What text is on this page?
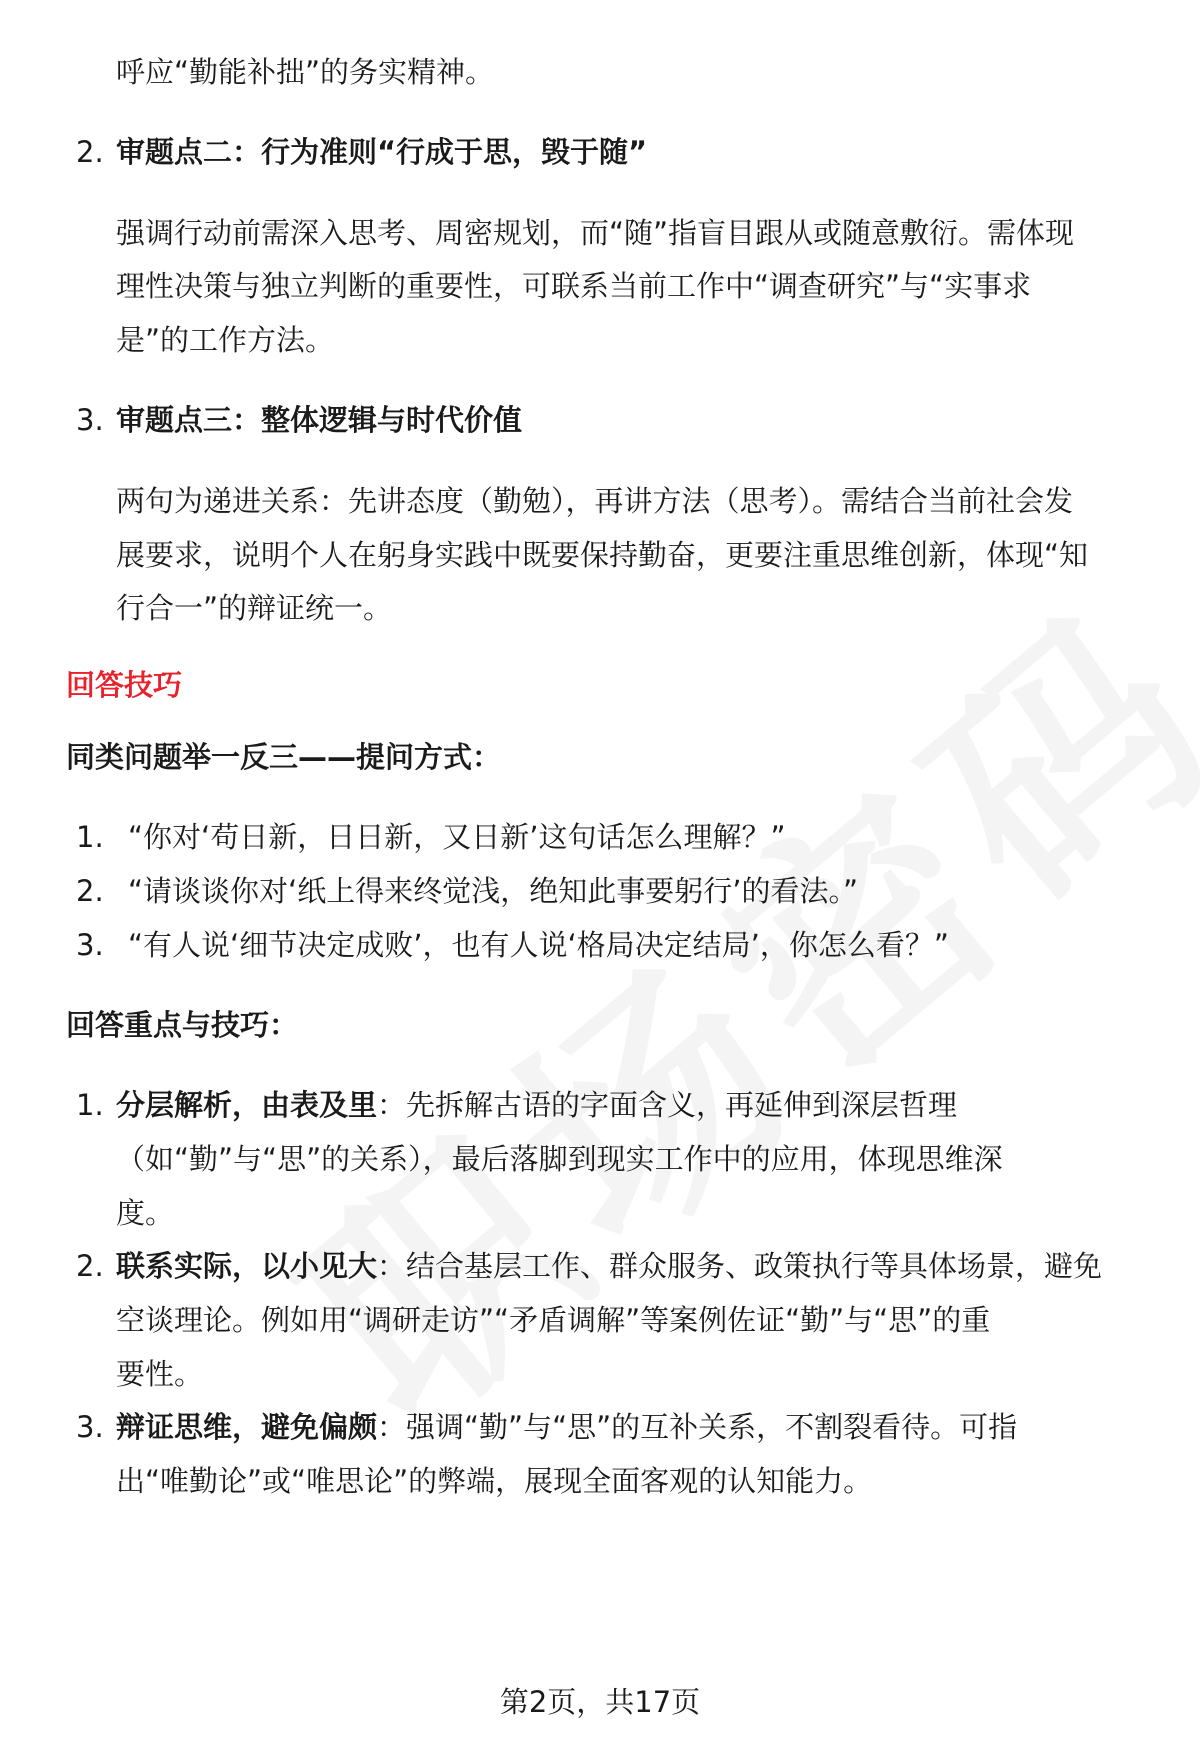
呼应“勤能补拙”的务实精神。
2. 审题点二：行为准则“行成于思，毁于随”
强调行动前需深入思考、周密规划，而“随”指盲目跟从或随意敷衍。需体现
理性决策与独立判断的重要性，可联系当前工作中“调查研究”与“实事求
是”的工作方法。
3. 审题点三：整体逻辑与时代价值
两句为递进关系：先讲态度（勤勉），再讲方法（思考）。需结合当前社会发
展要求，说明个人在躬身实践中既要保持勤奋，更要注重思维创新，体现“知
行合一”的辩证统一。
回答技巧
同类问题举一反三——提问方式：
1. “你对‘苟日新，日日新，又日新’这句话怎么理解？”
2. “请谈谈你对‘纸上得来终觉浅，绝知此事要躬行’的看法。”
3. “有人说‘细节决定成败’，也有人说‘格局决定结局’，你怎么看？”
回答重点与技巧：
1. 分层解析，由表及里：先拆解古语的字面含义，再延伸到深层哲理
（如“勤”与“思”的关系），最后落脚到现实工作中的应用，体现思维深
度。
2. 联系实际，以小见大：结合基层工作、群众服务、政策执行等具体场景，避免
空谈理论。例如用“调研走访”“矛盾调解”等案例佐证“勤”与“思”的重
要性。
3. 辩证思维，避免偏颇：强调“勤”与“思”的互补关系，不割裂看待。可指
出“唯勤论”或“唯思论”的弊端，展现全面客观的认知能力。
第2页，共17页
